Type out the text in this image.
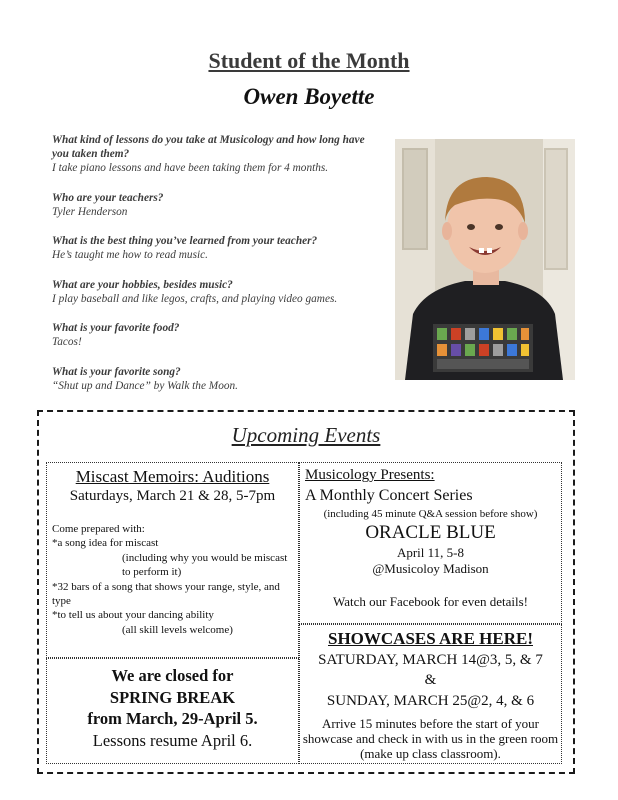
Student of the Month
Owen Boyette
What kind of lessons do you take at Musicology and how long have you taken them?
I take piano lessons and have been taking them for 4 months.
Who are your teachers?
Tyler Henderson
What is the best thing you’ve learned from your teacher?
He’s taught me how to read music.
What are your hobbies, besides music?
I play baseball and like legos, crafts, and playing video games.
What is your favorite food?
Tacos!
What is your favorite song?
“Shut up and Dance” by Walk the Moon.
Upcoming Events
Miscast Memoirs: Auditions
Saturdays, March 21 & 28, 5-7pm
Come prepared with:
*a song idea for miscast
(including why you would be miscast to perform it)
*32 bars of a song that shows your range, style, and type
*to tell us about your dancing ability
(all skill levels welcome)
We are closed for
SPRING BREAK
from March, 29-April 5.
Lessons resume April 6.
Musicology Presents:
A Monthly Concert Series
(including 45 minute Q&A session before show)
ORACLE BLUE
April 11, 5-8
@Musicoloy Madison
Watch our Facebook for even details!
SHOWCASES ARE HERE!
SATURDAY, MARCH 14@3, 5, & 7
&
SUNDAY, MARCH 25@2, 4, & 6
Arrive 15 minutes before the start of your showcase and check in with us in the green room (make up class classroom).
